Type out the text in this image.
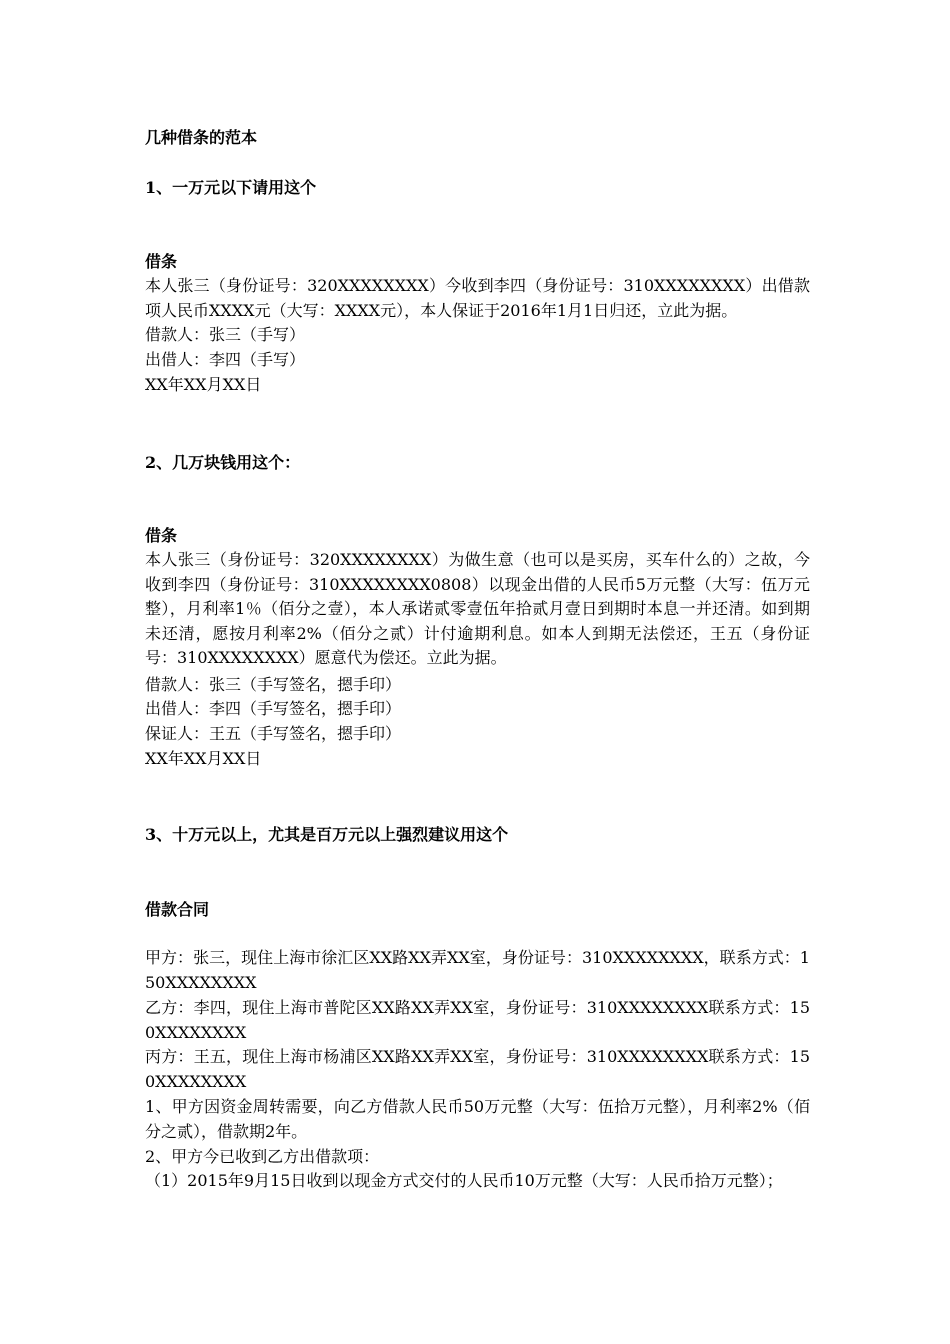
几种借条的范本
1、一万元以下请用这个
借条
本人张三（身份证号：320XXXXXXXX）今收到李四（身份证号：310XXXXXXXX）出借款项人民币XXXX元（大写：XXXX元），本人保证于2016年1月1日归还，立此为据。
借款人：张三（手写）
出借人：李四（手写）
XX年XX月XX日
2、几万块钱用这个：
借条
本人张三（身份证号：320XXXXXXXX）为做生意（也可以是买房，买车什么的）之故，今收到李四（身份证号：310XXXXXXXX0808）以现金出借的人民币5万元整（大写：伍万元整），月利率1％（佰分之壹），本人承诺贰零壹伍年拾贰月壹日到期时本息一并还清。如到期未还清，愿按月利率2%（佰分之贰）计付逾期利息。如本人到期无法偿还，王五（身份证号：310XXXXXXXX）愿意代为偿还。立此为据。
借款人：张三（手写签名，摁手印）
出借人：李四（手写签名，摁手印）
保证人：王五（手写签名，摁手印）
XX年XX月XX日
3、十万元以上，尤其是百万元以上强烈建议用这个
借款合同
甲方：张三，现住上海市徐汇区XX路XX弄XX室，身份证号：310XXXXXXXX，联系方式：150XXXXXXXX
乙方：李四，现住上海市普陀区XX路XX弄XX室，身份证号：310XXXXXXXX联系方式：150XXXXXXXX
丙方：王五，现住上海市杨浦区XX路XX弄XX室，身份证号：310XXXXXXXX联系方式：150XXXXXXXX
1、甲方因资金周转需要，向乙方借款人民币50万元整（大写：伍拾万元整），月利率2%（佰分之贰），借款期2年。
2、甲方今已收到乙方出借款项：
（1）2015年9月15日收到以现金方式交付的人民币10万元整（大写：人民币拾万元整）；
